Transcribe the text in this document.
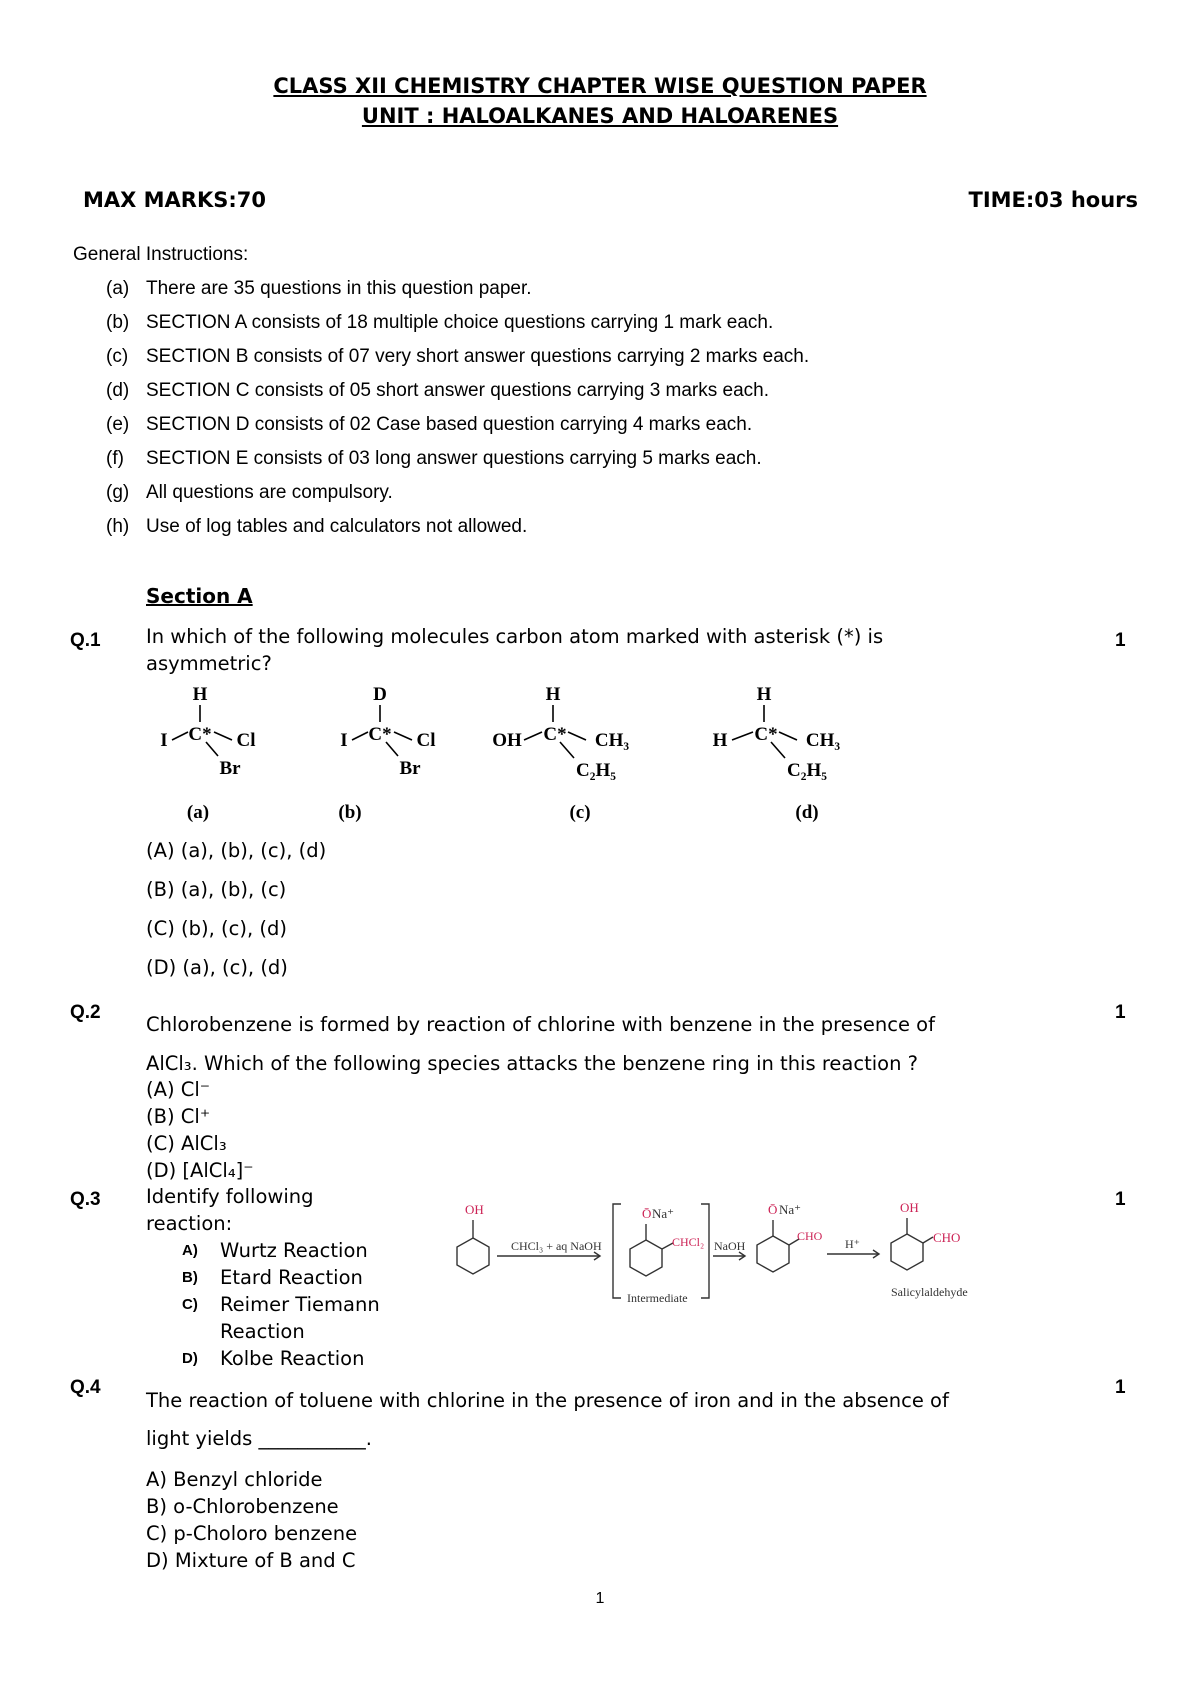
CLASS XII CHEMISTRY CHAPTER WISE QUESTION PAPER
UNIT : HALOALKANES AND HALOARENES
MAX MARKS:70	TIME:03 hours
General Instructions:
(a) There are 35 questions in this question paper.
(b) SECTION A consists of 18 multiple choice questions carrying 1 mark each.
(c) SECTION B consists of 07 very short answer questions carrying 2 marks each.
(d) SECTION C consists of 05 short answer questions carrying 3 marks each.
(e) SECTION D consists of 02 Case based question carrying 4 marks each.
(f) SECTION E consists of 03 long answer questions carrying 5 marks each.
(g) All questions are compulsory.
(h) Use of log tables and calculators not allowed.
Section A
Q.1	1
In which of the following molecules carbon atom marked with asterisk (*) is
asymmetric?
H
I C* Cl
Br
(a)
D
I C* Cl
Br
(b)
H
OH C* CH₃
C₂H₅
(c)
H
H C* CH₃
C₂H₅
(d)
(A) (a), (b), (c), (d)
(B) (a), (b), (c)
(C) (b), (c), (d)
(D) (a), (c), (d)
Q.2	1
Chlorobenzene is formed by reaction of chlorine with benzene in the presence of
AlCl₃. Which of the following species attacks the benzene ring in this reaction ?
(A) Cl⁻
(B) Cl⁺
(C) AlCl₃
(D) [AlCl₄]⁻
Q.3	1
Identify following
reaction:
A)	Wurtz Reaction
B)	Etard Reaction
C)	Reimer Tiemann
Reaction
D)	Kolbe Reaction
OH
CHCl₃ + aq NaOH
Ō Na⁺
CHCl₂
Intermediate
NaOH
Ō Na⁺
CHO
H⁺
OH
CHO
Salicylaldehyde
Q.4	1
The reaction of toluene with chlorine in the presence of iron and in the absence of
light yields ___________.
A) Benzyl chloride
B) o-Chlorobenzene
C) p-Choloro benzene
D) Mixture of B and C
1
